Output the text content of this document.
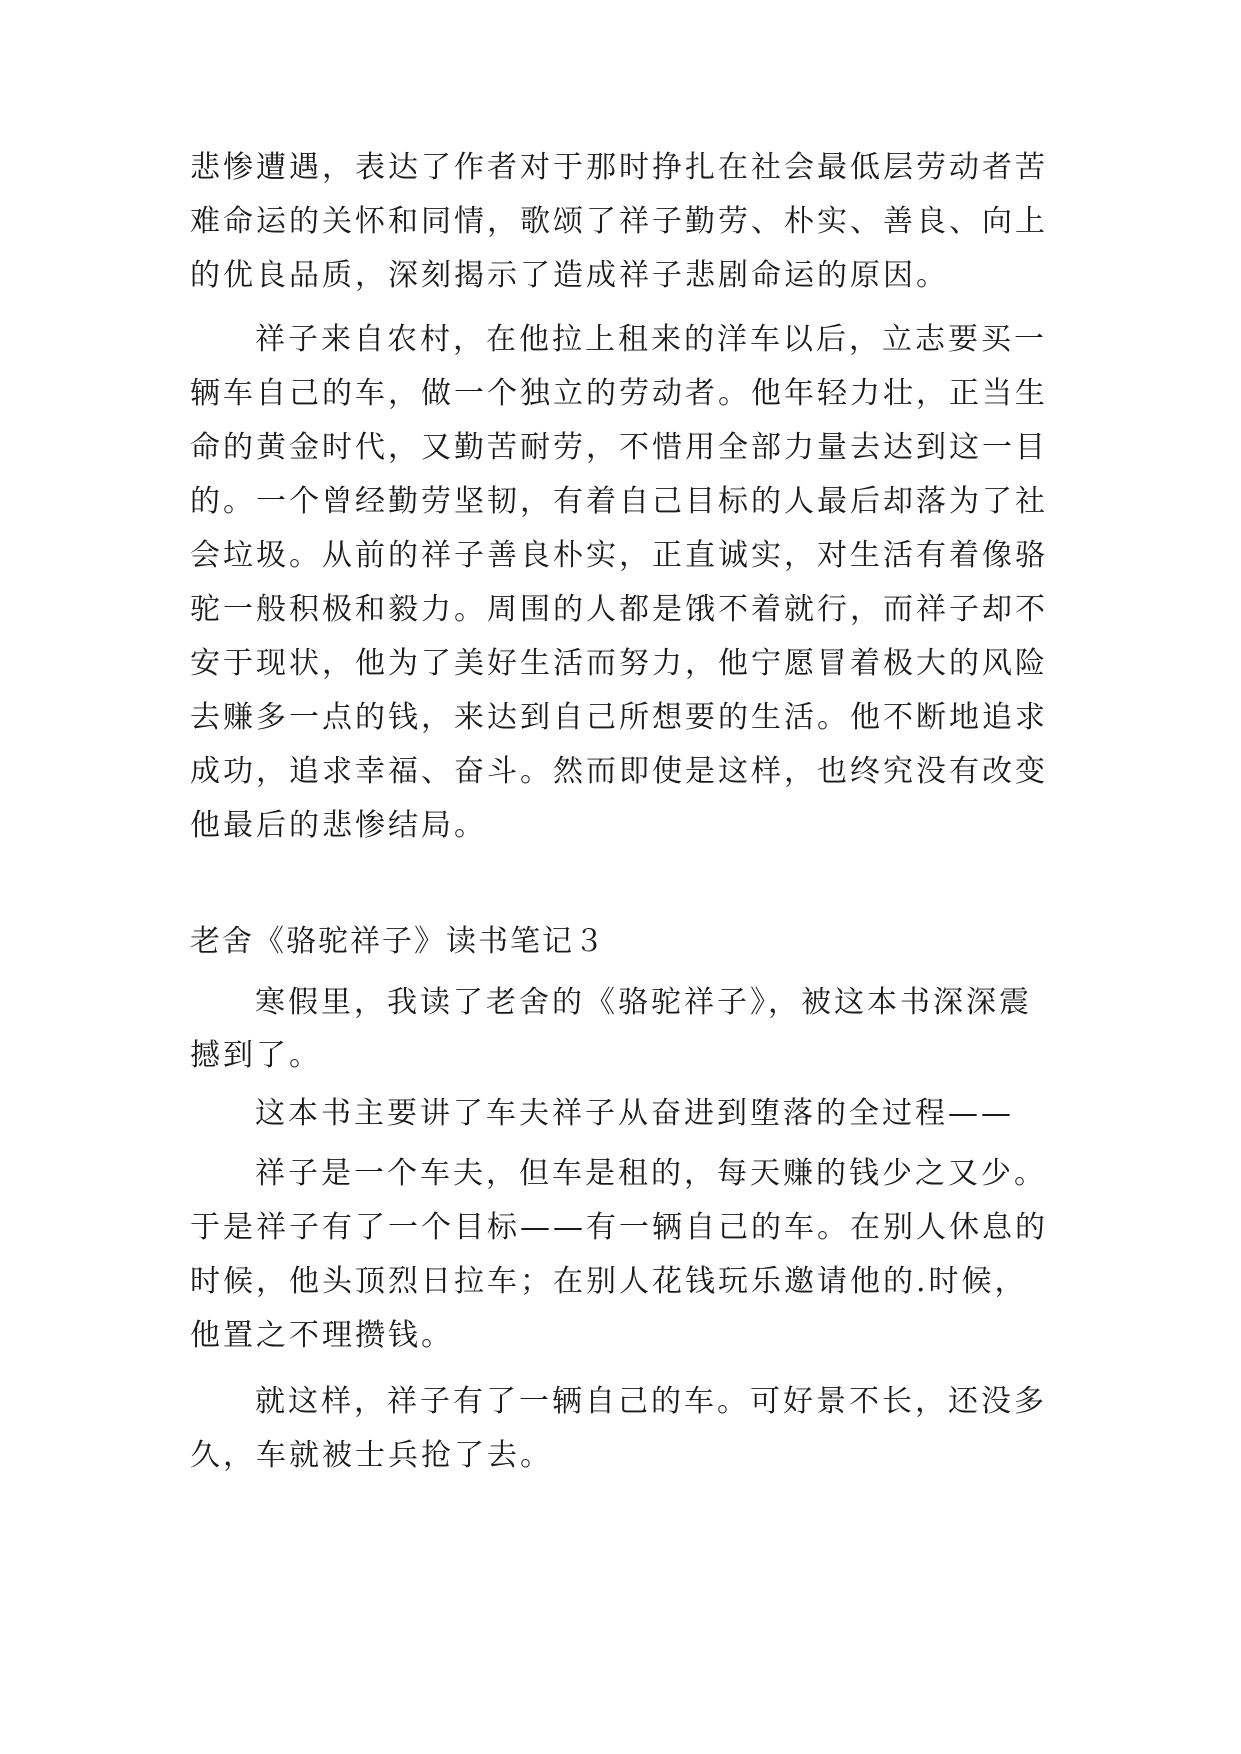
悲惨遭遇，表达了作者对于那时挣扎在社会最低层劳动者苦
难命运的关怀和同情，歌颂了祥子勤劳、朴实、善良、向上
的优良品质，深刻揭示了造成祥子悲剧命运的原因。
祥子来自农村，在他拉上租来的洋车以后，立志要买一
辆车自己的车，做一个独立的劳动者。他年轻力壮，正当生
命的黄金时代，又勤苦耐劳，不惜用全部力量去达到这一目
的。一个曾经勤劳坚韧，有着自己目标的人最后却落为了社
会垃圾。从前的祥子善良朴实，正直诚实，对生活有着像骆
驼一般积极和毅力。周围的人都是饿不着就行，而祥子却不
安于现状，他为了美好生活而努力，他宁愿冒着极大的风险
去赚多一点的钱，来达到自己所想要的生活。他不断地追求
成功，追求幸福、奋斗。然而即使是这样，也终究没有改变
他最后的悲惨结局。
老舍《骆驼祥子》读书笔记３
寒假里，我读了老舍的《骆驼祥子》，被这本书深深震
撼到了。
这本书主要讲了车夫祥子从奋进到堕落的全过程——
祥子是一个车夫，但车是租的，每天赚的钱少之又少。
于是祥子有了一个目标——有一辆自己的车。在别人休息的
时候，他头顶烈日拉车；在别人花钱玩乐邀请他的.时候，
他置之不理攒钱。
就这样，祥子有了一辆自己的车。可好景不长，还没多
久，车就被士兵抢了去。
